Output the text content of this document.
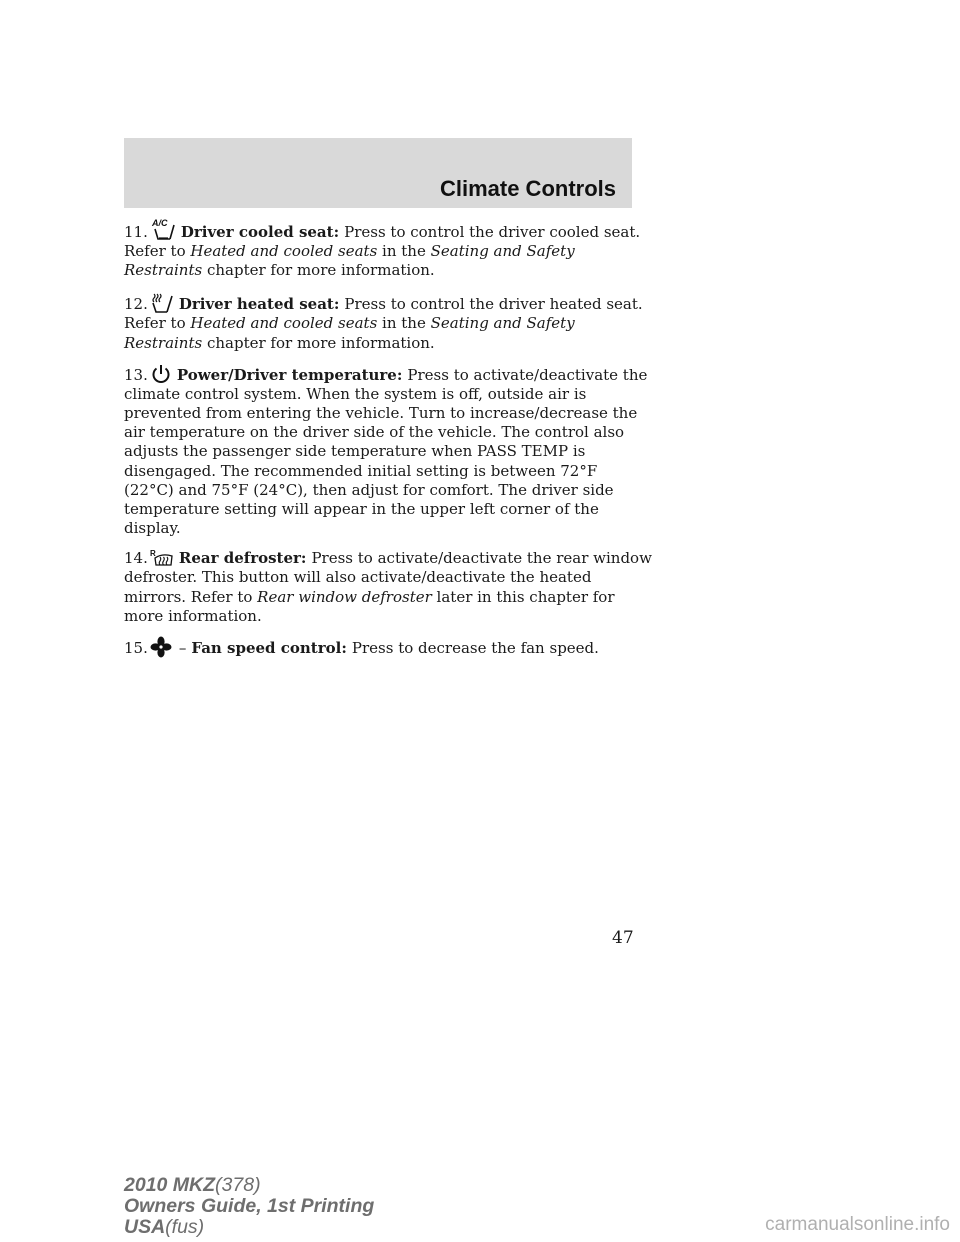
Climate Controls
11. A/C Driver cooled seat: Press to control the driver cooled seat.
Refer to Heated and cooled seats in the Seating and Safety Restraints chapter for more information.
12. Driver heated seat: Press to control the driver heated seat.
Refer to Heated and cooled seats in the Seating and Safety Restraints chapter for more information.
13. Power/Driver temperature: Press to activate/deactivate the
climate control system. When the system is off, outside air is prevented from entering the vehicle. Turn to increase/decrease the air temperature on the driver side of the vehicle. The control also adjusts the passenger side temperature when PASS TEMP is disengaged. The recommended initial setting is between 72°F (22°C) and 75°F (24°C), then adjust for comfort. The driver side temperature setting will appear in the upper left corner of the display.
14. R Rear defroster: Press to activate/deactivate the rear window
defroster. This button will also activate/deactivate the heated mirrors. Refer to Rear window defroster later in this chapter for more information.
15. – Fan speed control: Press to decrease the fan speed.
47
2010 MKZ(378)
Owners Guide, 1st Printing
USA(fus)	carmanualsonline.info
